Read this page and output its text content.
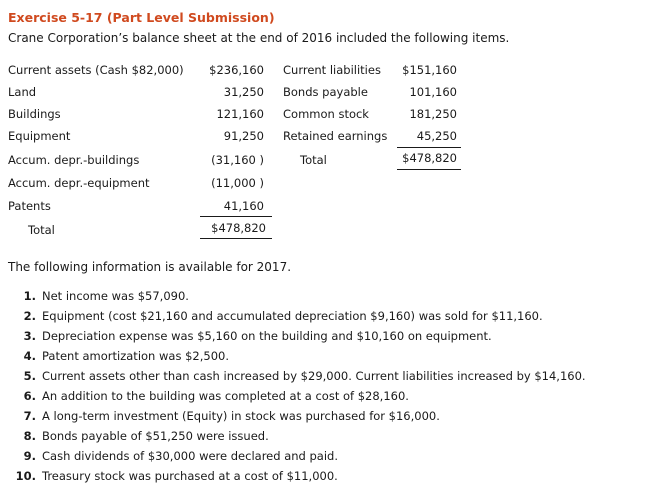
Exercise 5-17 (Part Level Submission)
Crane Corporation’s balance sheet at the end of 2016 included the following items.
Current assets (Cash $82,000)	$236,160
Land	31,250
Buildings	121,160
Equipment	91,250
Accum. depr.-buildings	(31,160 )
Accum. depr.-equipment	(11,000 )
Patents	41,160
Total	$478,820
Current liabilities	$151,160
Bonds payable	101,160
Common stock	181,250
Retained earnings	45,250
Total	$478,820
The following information is available for 2017.
1. Net income was $57,090.
2. Equipment (cost $21,160 and accumulated depreciation $9,160) was sold for $11,160.
3. Depreciation expense was $5,160 on the building and $10,160 on equipment.
4. Patent amortization was $2,500.
5. Current assets other than cash increased by $29,000. Current liabilities increased by $14,160.
6. An addition to the building was completed at a cost of $28,160.
7. A long-term investment (Equity) in stock was purchased for $16,000.
8. Bonds payable of $51,250 were issued.
9. Cash dividends of $30,000 were declared and paid.
10. Treasury stock was purchased at a cost of $11,000.
